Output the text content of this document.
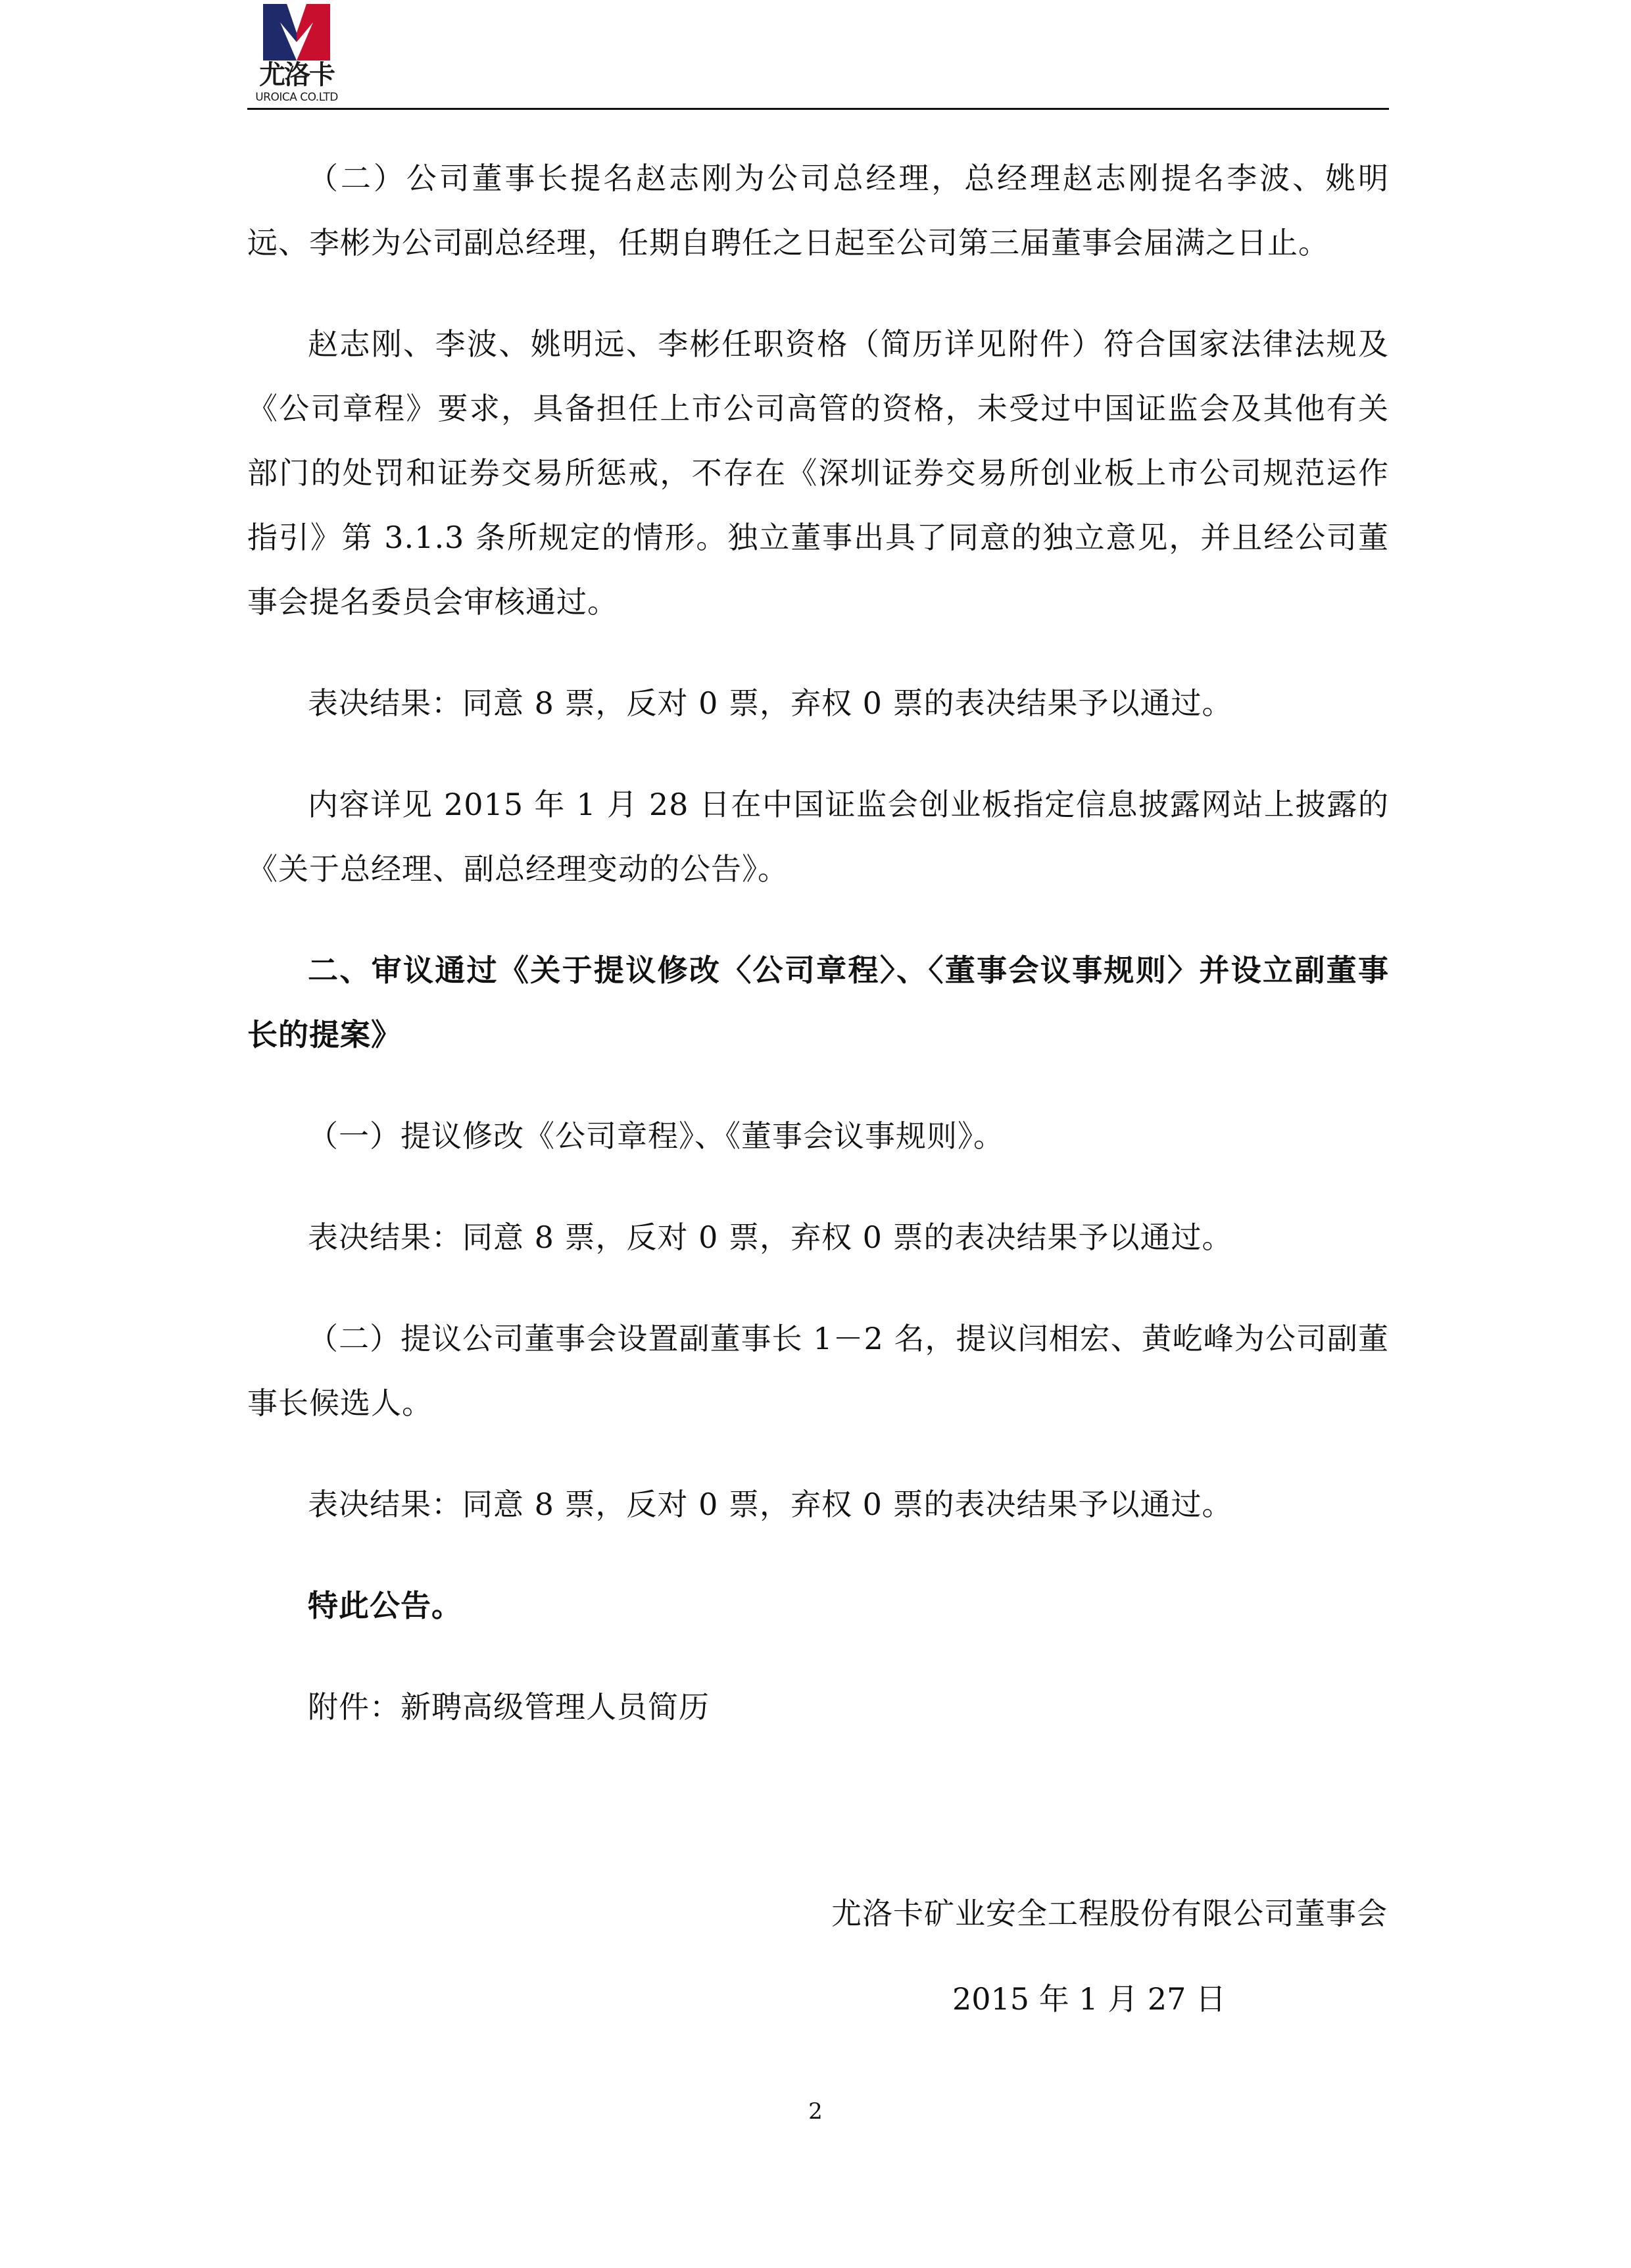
尤洛卡
UROICA CO.LTD

（二）公司董事长提名赵志刚为公司总经理，总经理赵志刚提名李波、姚明远、李彬为公司副总经理，任期自聘任之日起至公司第三届董事会届满之日止。

赵志刚、李波、姚明远、李彬任职资格（简历详见附件）符合国家法律法规及《公司章程》要求，具备担任上市公司高管的资格，未受过中国证监会及其他有关部门的处罚和证券交易所惩戒，不存在《深圳证券交易所创业板上市公司规范运作指引》第 3.1.3 条所规定的情形。独立董事出具了同意的独立意见，并且经公司董事会提名委员会审核通过。

表决结果：同意 8 票，反对 0 票，弃权 0 票的表决结果予以通过。

内容详见 2015 年 1 月 28 日在中国证监会创业板指定信息披露网站上披露的《关于总经理、副总经理变动的公告》。

二、审议通过《关于提议修改〈公司章程〉、〈董事会议事规则〉并设立副董事长的提案》

（一）提议修改《公司章程》、《董事会议事规则》。

表决结果：同意 8 票，反对 0 票，弃权 0 票的表决结果予以通过。

（二）提议公司董事会设置副董事长 1－2 名，提议闫相宏、黄屹峰为公司副董事长候选人。

表决结果：同意 8 票，反对 0 票，弃权 0 票的表决结果予以通过。

特此公告。

附件：新聘高级管理人员简历

尤洛卡矿业安全工程股份有限公司董事会
2015 年 1 月 27 日
2
